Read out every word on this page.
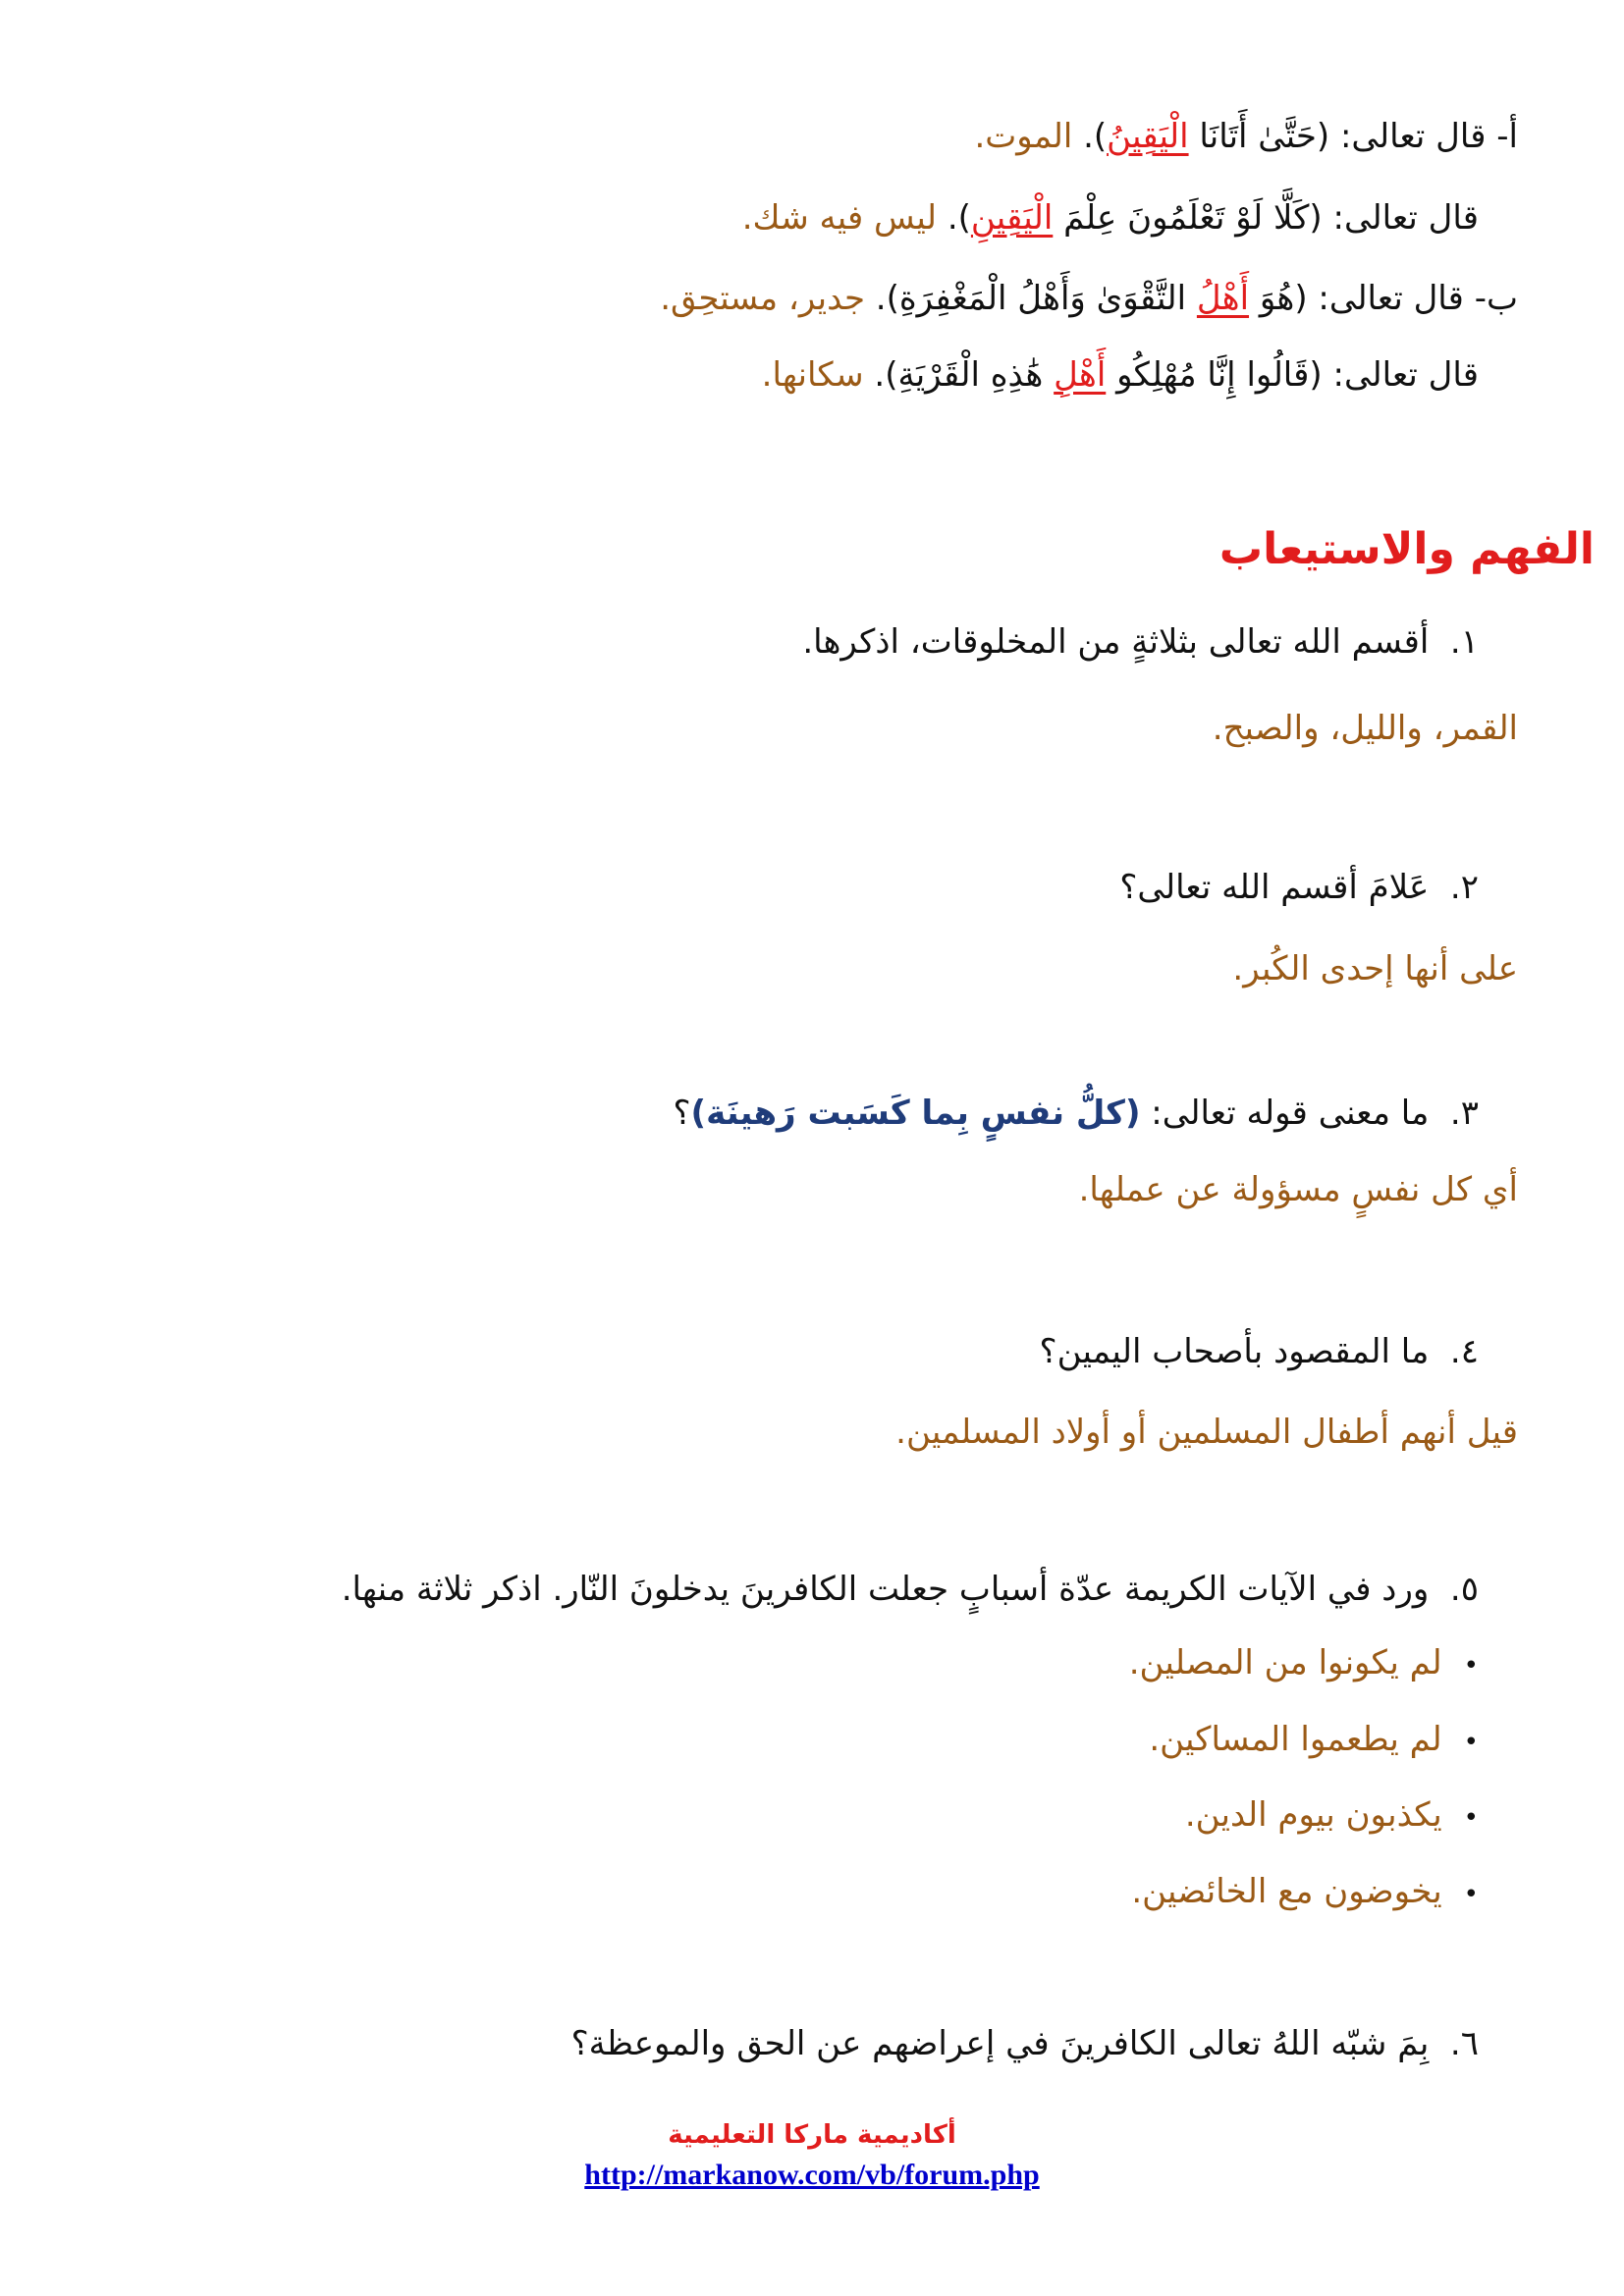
أ- قال تعالى: (حَتَّىٰ أَتَانَا الْيَقِينُ). الموت.
قال تعالى: (كَلَّا لَوْ تَعْلَمُونَ عِلْمَ الْيَقِينِ). ليس فيه شك.
ب- قال تعالى: (هُوَ أَهْلُ التَّقْوَىٰ وَأَهْلُ الْمَغْفِرَةِ). جدير، مستحِق.
قال تعالى: (قَالُوا إِنَّا مُهْلِكُو أَهْلِ هَٰذِهِ الْقَرْيَةِ). سكانها.
الفهم والاستيعاب
١.  أقسم الله تعالى بثلاثةٍ من المخلوقات، اذكرها.
القمر، والليل، والصبح.
٢.  عَلامَ أقسم الله تعالى؟
على أنها إحدى الكُبر.
٣.  ما معنى قوله تعالى: (كلُّ نفسٍ بِما كَسَبت رَهينَة)؟
أي كل نفسٍ مسؤولة عن عملها.
٤.  ما المقصود بأصحاب اليمين؟
قيل أنهم أطفال المسلمين أو أولاد المسلمين.
٥.  ورد في الآيات الكريمة عدّة أسبابٍ جعلت الكافرينَ يدخلونَ النّار. اذكر ثلاثة منها.
•لم يكونوا من المصلين.
•لم يطعموا المساكين.
•يكذبون بيوم الدين.
•يخوضون مع الخائضين.
٦.  بِمَ شبّه اللهُ تعالى الكافرينَ في إعراضهم عن الحق والموعظة؟
أكاديمية ماركا التعليمية
http://markanow.com/vb/forum.php
